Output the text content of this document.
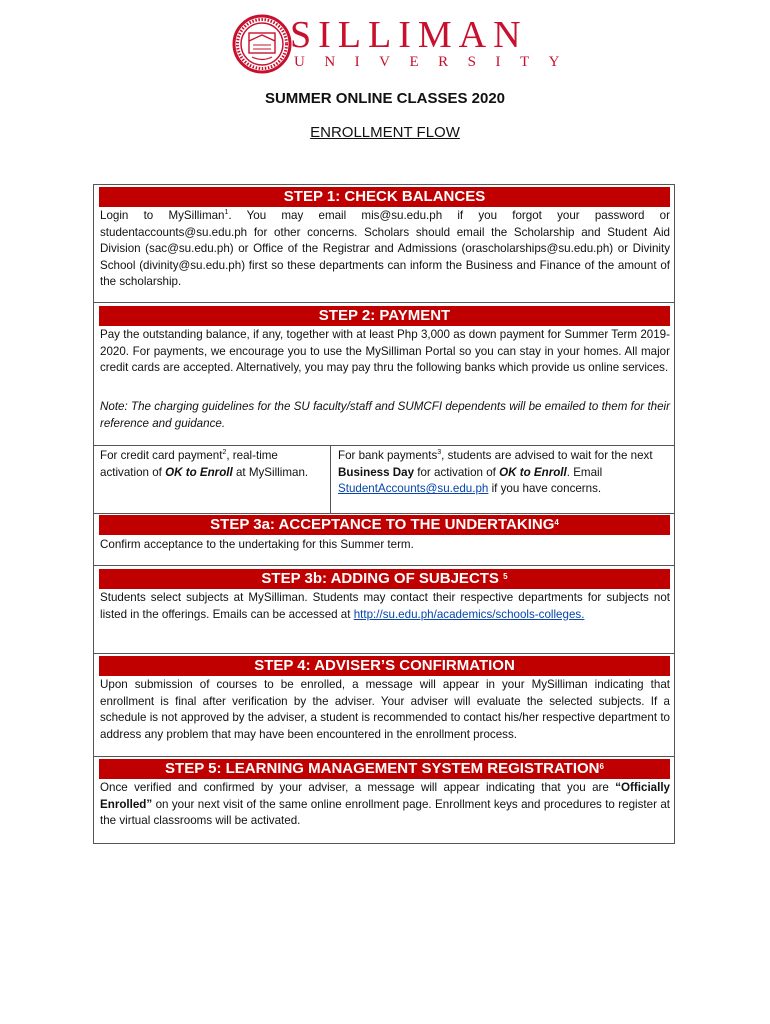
SILLIMAN
UNIVERSITY
SUMMER ONLINE CLASSES 2020
ENROLLMENT FLOW
STEP 1: CHECK BALANCES
Login to MySilliman$^1$. You may email mis@su.edu.ph if you forgot your password or studentaccounts@su.edu.ph for other concerns. Scholars should email the Scholarship and Student Aid Division (sac@su.edu.ph) or Office of the Registrar and Admissions (orascholarships@su.edu.ph) or Divinity School (divinity@su.edu.ph) first so these departments can inform the Business and Finance of the amount of the scholarship.
STEP 2: PAYMENT
Pay the outstanding balance, if any, together with at least Php 3,000 as down payment for Summer Term 2019-2020. For payments, we encourage you to use the MySilliman Portal so you can stay in your homes. All major credit cards are accepted. Alternatively, you may pay thru the following banks which provide us online services.
Note: The charging guidelines for the SU faculty/staff and SUMCFI dependents will be emailed to them for their reference and guidance.
For credit card payment$^2$, real-time activation of OK to Enroll at MySilliman.
For bank payments$^3$, students are advised to wait for the next Business Day for activation of OK to Enroll. Email StudentAccounts@su.edu.ph if you have concerns.
STEP 3a: ACCEPTANCE TO THE UNDERTAKING$^4$
Confirm acceptance to the undertaking for this Summer term.
STEP 3b: ADDING OF SUBJECTS $^5$
Students select subjects at MySilliman. Students may contact their respective departments for subjects not listed in the offerings. Emails can be accessed at http://su.edu.ph/academics/schools-colleges.
STEP 4: ADVISER’S CONFIRMATION
Upon submission of courses to be enrolled, a message will appear in your MySilliman indicating that enrollment is final after verification by the adviser. Your adviser will evaluate the selected subjects. If a schedule is not approved by the adviser, a student is recommended to contact his/her respective department to address any problem that may have been encountered in the enrollment process.
STEP 5: LEARNING MANAGEMENT SYSTEM REGISTRATION$^6$
Once verified and confirmed by your adviser, a message will appear indicating that you are “Officially Enrolled” on your next visit of the same online enrollment page. Enrollment keys and procedures to register at the virtual classrooms will be activated.
